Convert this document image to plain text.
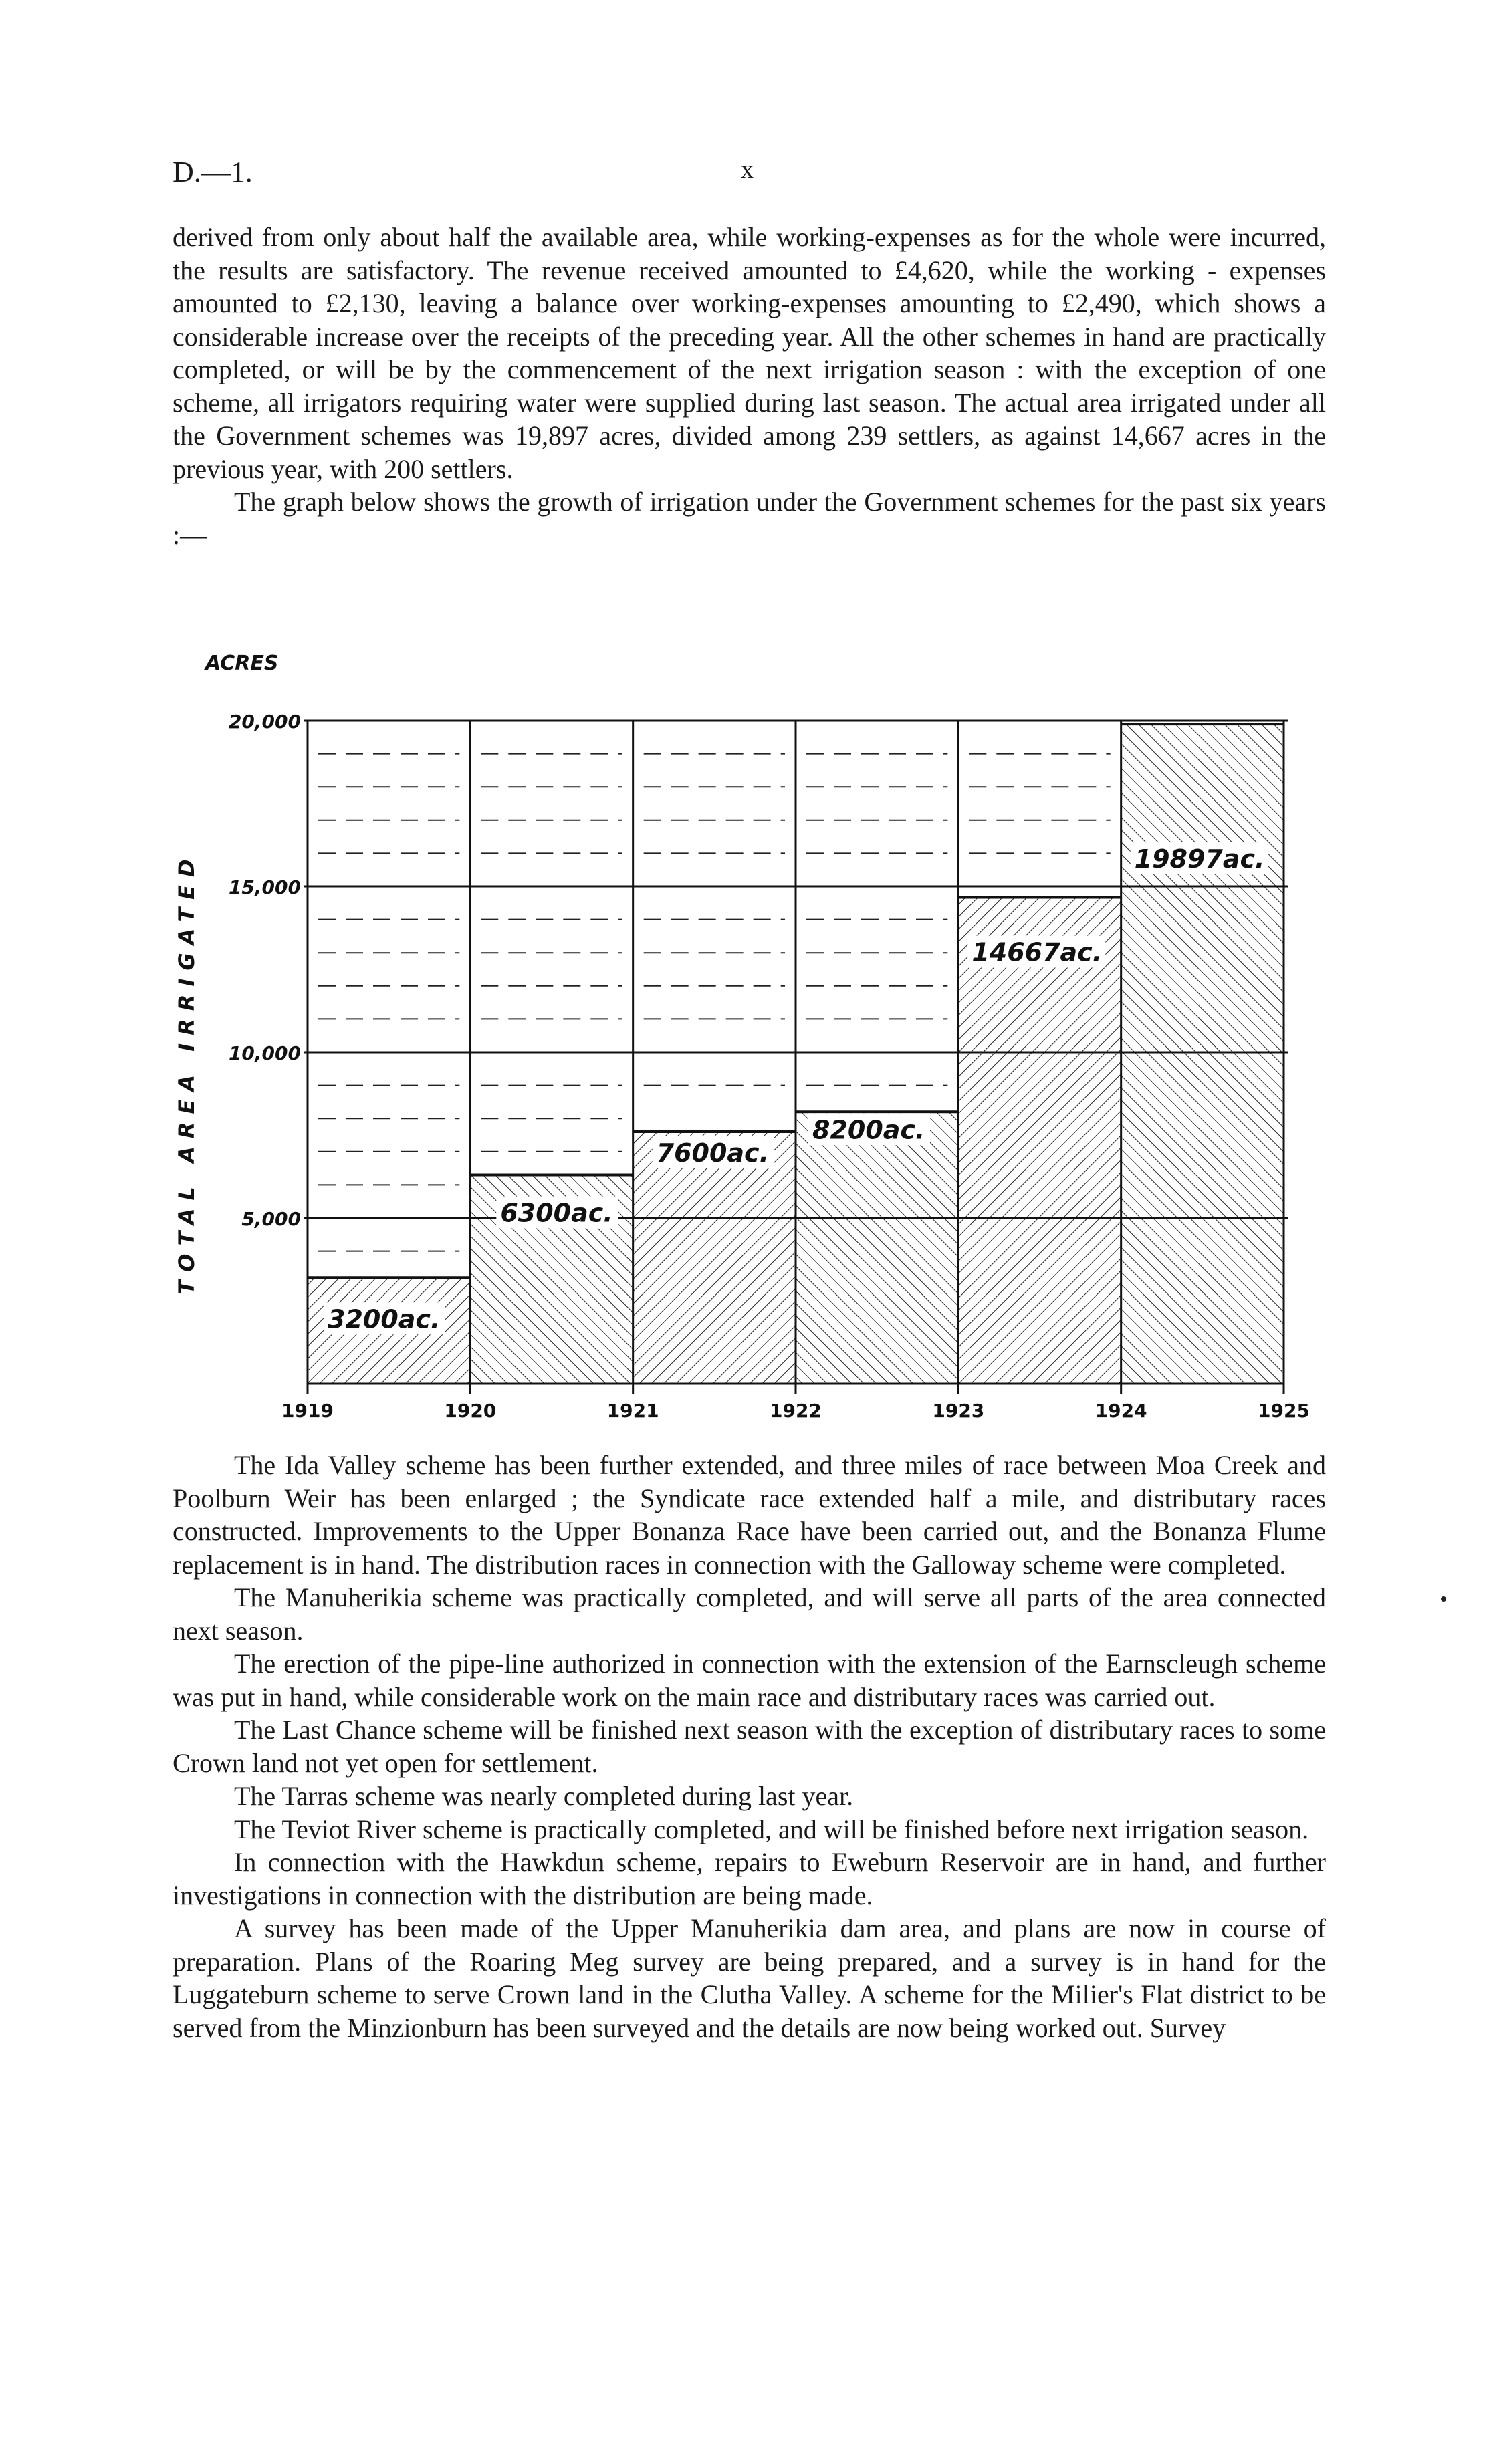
D.—1.	x

derived from only about half the available area, while working-expenses as for the whole were incurred, the results are satisfactory. The revenue received amounted to £4,620, while the working - expenses amounted to £2,130, leaving a balance over working-expenses amounting to £2,490, which shows a considerable increase over the receipts of the preceding year. All the other schemes in hand are practically completed, or will be by the commencement of the next irrigation season : with the exception of one scheme, all irrigators requiring water were supplied during last season. The actual area irrigated under all the Government schemes was 19,897 acres, divided among 239 settlers, as against 14,667 acres in the previous year, with 200 settlers.

The graph below shows the growth of irrigation under the Government schemes for the past six years :—

ACRES
TOTAL AREA IRRIGATED 5,000
10,000
15,000
20,000
1919	1920	1921	1922	1923	1924	1925
3200ac.
6300ac.
7600ac.
8200ac.
14667ac.
19897ac.

The Ida Valley scheme has been further extended, and three miles of race between Moa Creek and Poolburn Weir has been enlarged ; the Syndicate race extended half a mile, and distributary races constructed. Improvements to the Upper Bonanza Race have been carried out, and the Bonanza Flume replacement is in hand. The distribution races in connection with the Galloway scheme were completed.

The Manuherikia scheme was practically completed, and will serve all parts of the area connected next season.

The erection of the pipe-line authorized in connection with the extension of the Earnscleugh scheme was put in hand, while considerable work on the main race and distributary races was carried out.

The Last Chance scheme will be finished next season with the exception of distributary races to some Crown land not yet open for settlement.

The Tarras scheme was nearly completed during last year.

The Teviot River scheme is practically completed, and will be finished before next irrigation season.

In connection with the Hawkdun scheme, repairs to Eweburn Reservoir are in hand, and further investigations in connection with the distribution are being made.

A survey has been made of the Upper Manuherikia dam area, and plans are now in course of preparation. Plans of the Roaring Meg survey are being prepared, and a survey is in hand for the Luggateburn scheme to serve Crown land in the Clutha Valley. A scheme for the Milier's Flat district to be served from the Minzionburn has been surveyed and the details are now being worked out. Survey
